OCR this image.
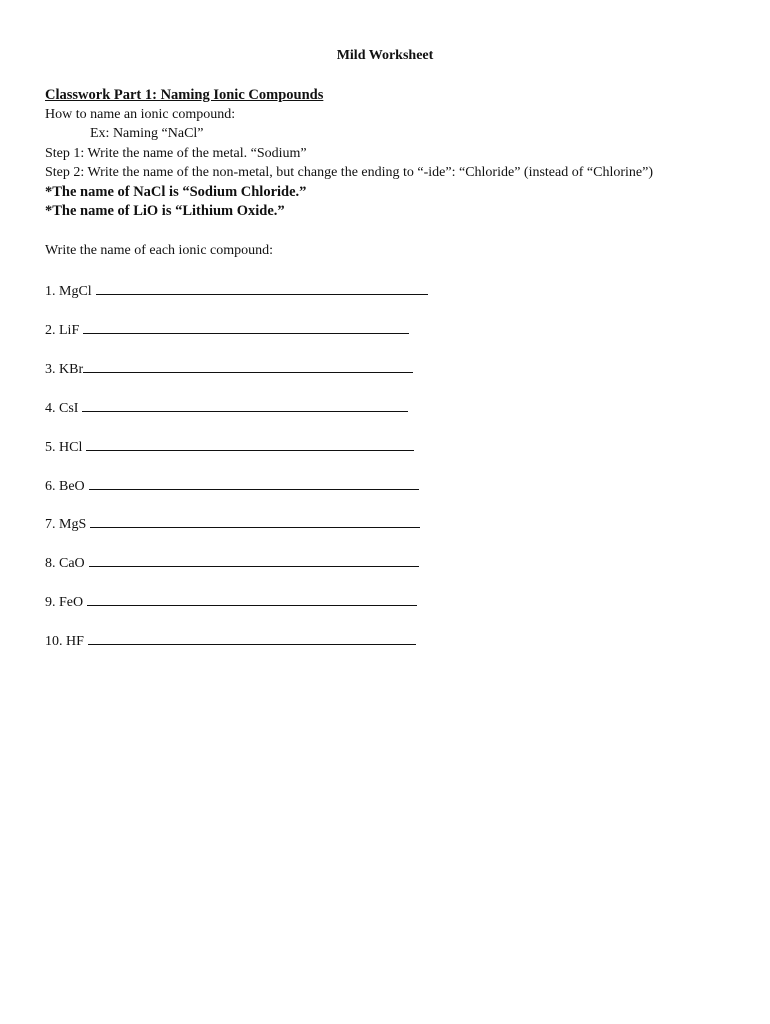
Mild Worksheet
Classwork Part 1: Naming Ionic Compounds
How to name an ionic compound:
Ex: Naming “NaCl”
Step 1: Write the name of the metal. “Sodium”
Step 2: Write the name of the non-metal, but change the ending to “-ide”: “Chloride” (instead of “Chlorine”)
*The name of NaCl is “Sodium Chloride.”
*The name of LiO is “Lithium Oxide.”
Write the name of each ionic compound:
1. MgCl
2. LiF
3. KBr
4. CsI
5. HCl
6. BeO
7. MgS
8. CaO
9. FeO
10. HF
